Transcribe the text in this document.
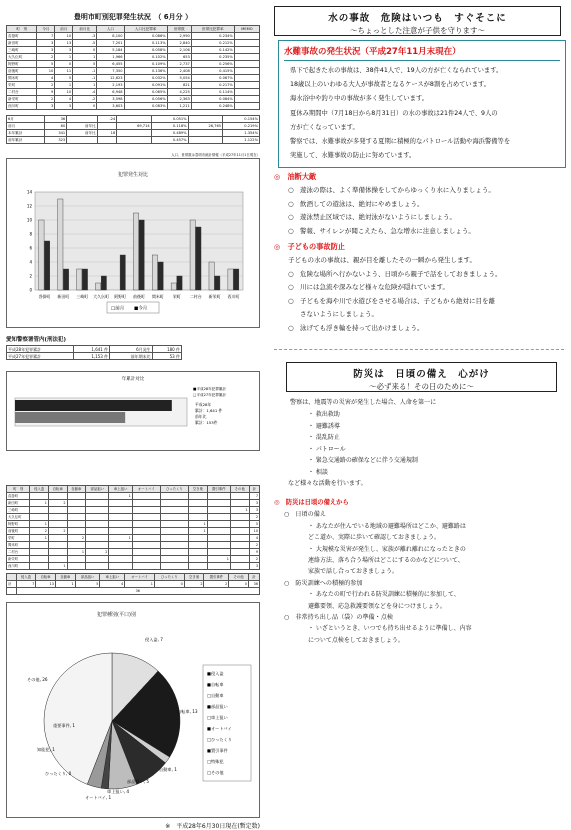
豊明市町別犯罪発生状況　（ 6月分 ）
町　別	今月	前月	前月比	人口	人口比犯罪率	世帯数	世帯比犯罪率	MEMO
沓掛町	7	10	-3	8,100	0.086%	2,990	0.234%	
新田町	3	13	-5	7,201	0.113%	2,840	0.212%	
三崎町	3	3	0	5,184	0.058%	2,106	0.142%	
大久伝町	2	1	1	1,966	0.102%	653	0.235%	
阿野町	5	0	5	6,455	0.109%	2,737	0.256%	
前後町	10	11	-1	7,350	0.136%	2,408	0.415%	
間米町	4	5	-1	12,623	0.032%	5,054	0.067%	
栄町	2	1	1	2,193	0.091%	821	0.217%	
二村台	9	10	-4	6,948	0.065%	4,225	0.114%	
新栄町	2	4	-2	3,598	0.056%	2,363	0.084%	
西川町	3	3	0	3,603	0.083%	1,211	0.248%	
6月	36		-24		0.051%		0.154%
前月	60	前年比		69,714	0.118%	26,765	0.219%
本年累計	341	前年比	18		0.489%		1.354%
前年累計	323				0.457%		1.122%
人口、世帯数は豊明市統計情報（平成27年11月1日現在）
犯罪発生対比
0
2
4
6
8
10
12
14
沓掛町 新田町 三崎町 大久伝町 阿野町 前後町 間米町 栄町 二村台 新栄町 西川町
□前月 ■今月
愛知警察署管内(刑法犯)
平成28年犯罪累計	1,641 件	6月発生	180 件
平成27年犯罪累計	1,153 件	前年期末比	53 件
年累計対比
■平成28年犯罪累計
□平成27年犯罪累計
平成28年
累計：1,641 件
前年比
累計：153件
町　別	侵入盗	自転車	自動車	部品狙い	車上狙い	オートバイ	ひったくり	空き巣	置引事件	その他	計
沓掛町					1						7
新田町	1	2									3
三崎町										1	3
大久伝町											2
阿野町	1							1			5
前後町	2	2						1			10
栄町	1		2		1						4
間米町											2
二村台			1	2							9
新栄町									1		2
西川町		1									3
	侵入盗	自転車	自動車	部品狙い	車上狙い	オートバイ	ひったくり	空き巣	置引事件	その他	計
計	7	13	1	5	4	1	0	2	2	0	36
	36										
犯罪種別(平口)別
侵入盗, 7
自転車, 13
自動車, 1
部品狙い, 5
車上狙い, 4
オートバイ, 1
ひったくり, 0
知能犯, 1
重要事件, 1
その他, 26
■侵入盗
■自転車
□自動車
■部品狙い
□車上狙い
■オートバイ
□ひったくり
■置引事件
□特殊犯
□その他
※　平成28年6月30日現在(暫定数)
水の事故　危険はいつも　すぐそこに
～ちょっとした注意が子供を守ります～
水難事故の発生状況（平成27年11月末現在）
県下で起きた水の事故は、38件41人で、19人の方が亡くなられています。
18歳以上のいわゆる大人が事故者となるケースが8割を占めています。
海水浴中や釣り中の事故が多く発生しています。
夏休み期間中（7月18日から8月31日）の水の事故は21件24人で、9人の
方が亡くなっています。
警察では、水難事故が多発する夏期に積極的なパトロール活動や海浜警備等を
実施して、水難事故の防止に努めています。
◎　油断大敵
○ 遊泳の際は、よく準備体操をしてからゆっくり水に入りましょう。
○ 飲酒しての遊泳は、絶対にやめましょう。
○ 遊泳禁止区域では、絶対泳がないようにしましょう。
○ 警報、サイレンが聞こえたら、急な増水に注意しましょう。
◎　子どもの事故防止
子どもの水の事故は、親が目を離したその一瞬から発生します。
○ 危険な場所へ行かないよう、日頃から親子で話をしておきましょう。
○ 川には急流や深みなど様々な危険が隠れています。
○ 子どもを海や川で水遊びをさせる場合は、子どもから絶対に目を離
さないようにしましょう。
○ 泳げても浮き輪を持って出かけましょう。
防災は　日頃の備え　心がけ
～必ず来る！その日のために～
警察は、地震等の災害が発生した場合、人命を第一に
・ 救出救助
・ 避難誘導
・ 混乱防止
・ パトロール
・ 緊急交通路の確保などに伴う交通規制
・ 相談
など様々な活動を行います。
◎　防災は日頃の備えから
○　日頃の備え
・ あなたが住んでいる地域の避難場所はどこか、避難路は
どこ道か、実際に歩いて確認しておきましょう。
・ 大規模な災害が発生し、家族が離れ離れになったときの
連絡方法、落ち合う場所はどこにするのかなどについて、
家族で話し合っておきましょう。
○　防災訓練への積極的参加
・ あなたの町で行われる防災訓練に積極的に参加して、
避難要領、応急救護要領などを身につけましょう。
○　非常持ち出し品（袋）の準備・点検
・ いざというとき、いつでも持ち出せるように準備し、内容
について点検をしておきましょう。
